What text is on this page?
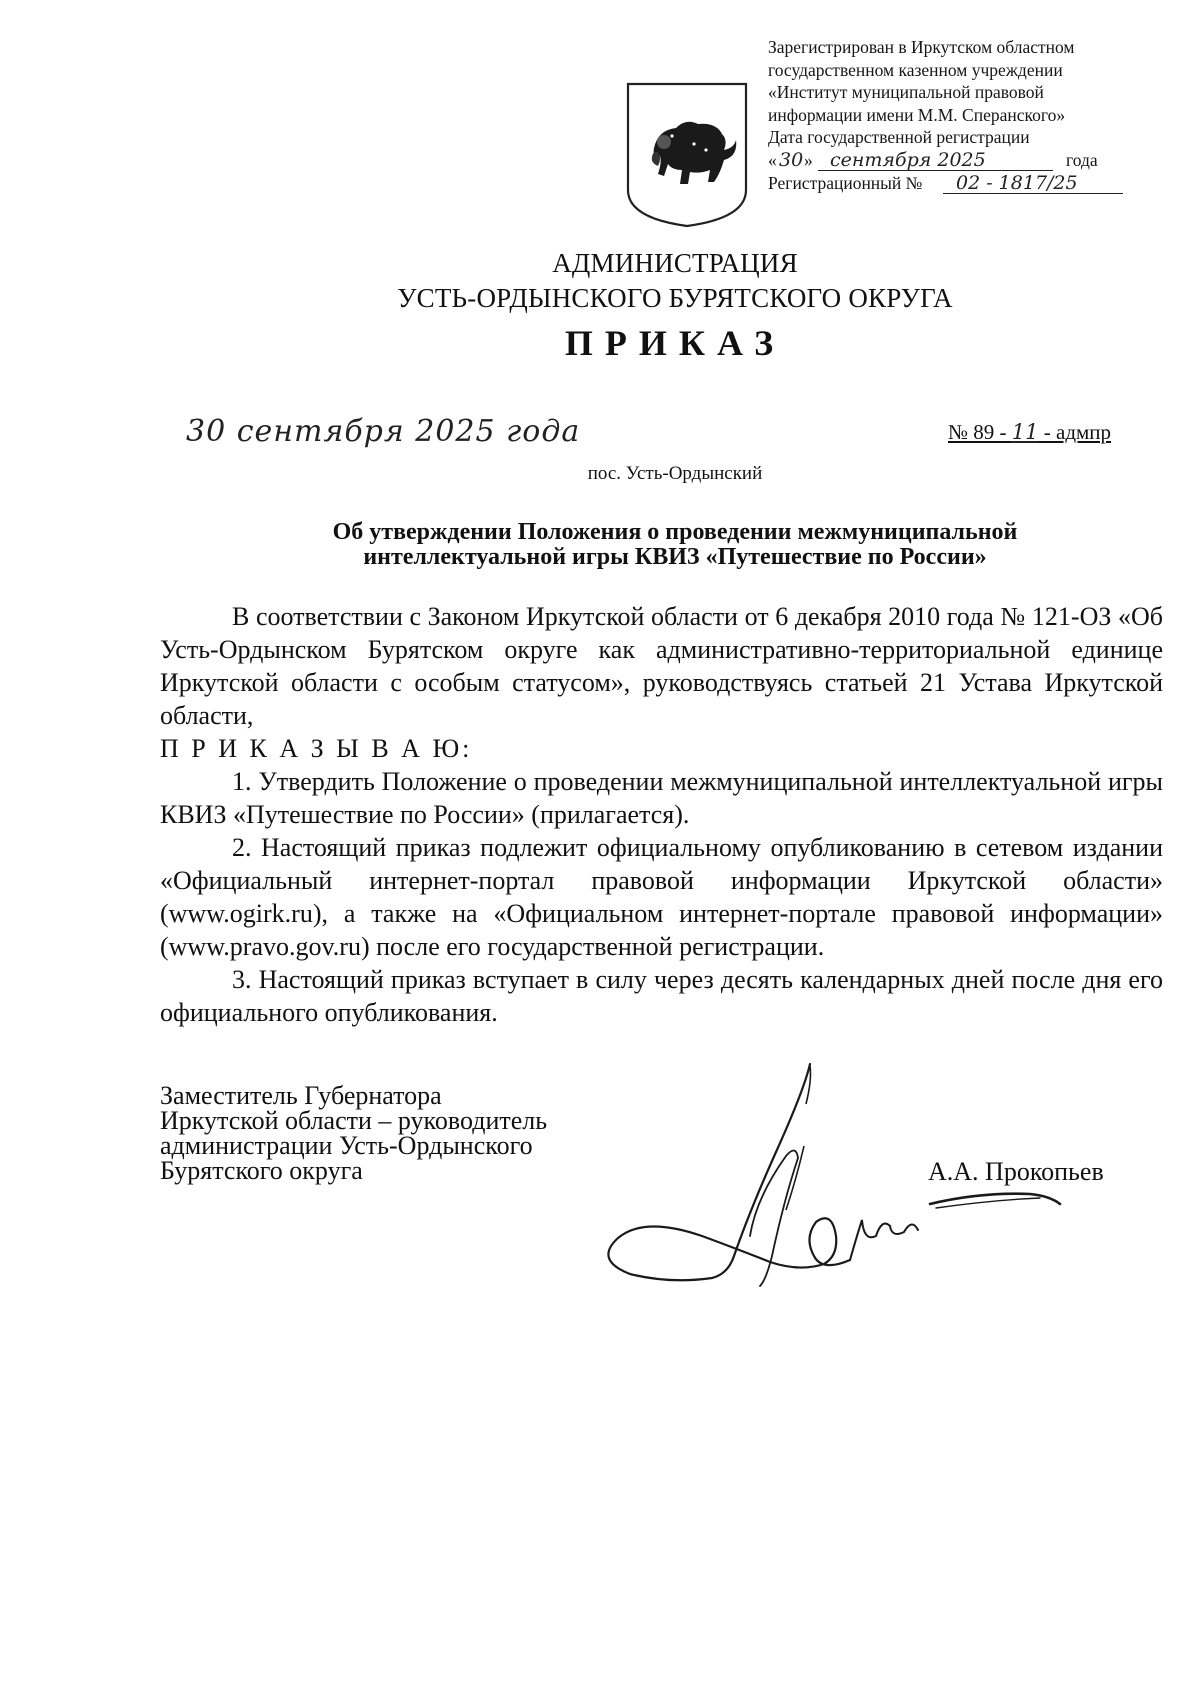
Зарегистрирован в Иркутском областном
государственном казенном учреждении
«Институт муниципальной правовой
информации имени М.М. Сперанского»
Дата государственной регистрации
« 30 » сентября 2025	года
Регистрационный № 02 - 1817/25
АДМИНИСТРАЦИЯ
УСТЬ-ОРДЫНСКОГО БУРЯТСКОГО ОКРУГА
ПРИКАЗ
30 сентября 2025 года	№ 89 - 11 - адмпр
пос. Усть-Ордынский
Об утверждении Положения о проведении межмуниципальной
интеллектуальной игры КВИЗ «Путешествие по России»

В соответствии с Законом Иркутской области от 6 декабря 2010 года № 121-ОЗ «Об Усть-Ордынском Бурятском округе как административно-территориальной единице Иркутской области с особым статусом», руководствуясь статьей 21 Устава Иркутской области,

П Р И К А З Ы В А Ю:

1. Утвердить Положение о проведении межмуниципальной интеллектуальной игры КВИЗ «Путешествие по России» (прилагается).

2. Настоящий приказ подлежит официальному опубликованию в сетевом издании «Официальный интернет-портал правовой информации Иркутской области» (www.ogirk.ru), а также на «Официальном интернет-портале правовой информации» (www.pravo.gov.ru) после его государственной регистрации.

3. Настоящий приказ вступает в силу через десять календарных дней после дня его официального опубликования.

Заместитель Губернатора
Иркутской области – руководитель
администрации Усть-Ордынского
Бурятского округа	А.А. Прокопьев
